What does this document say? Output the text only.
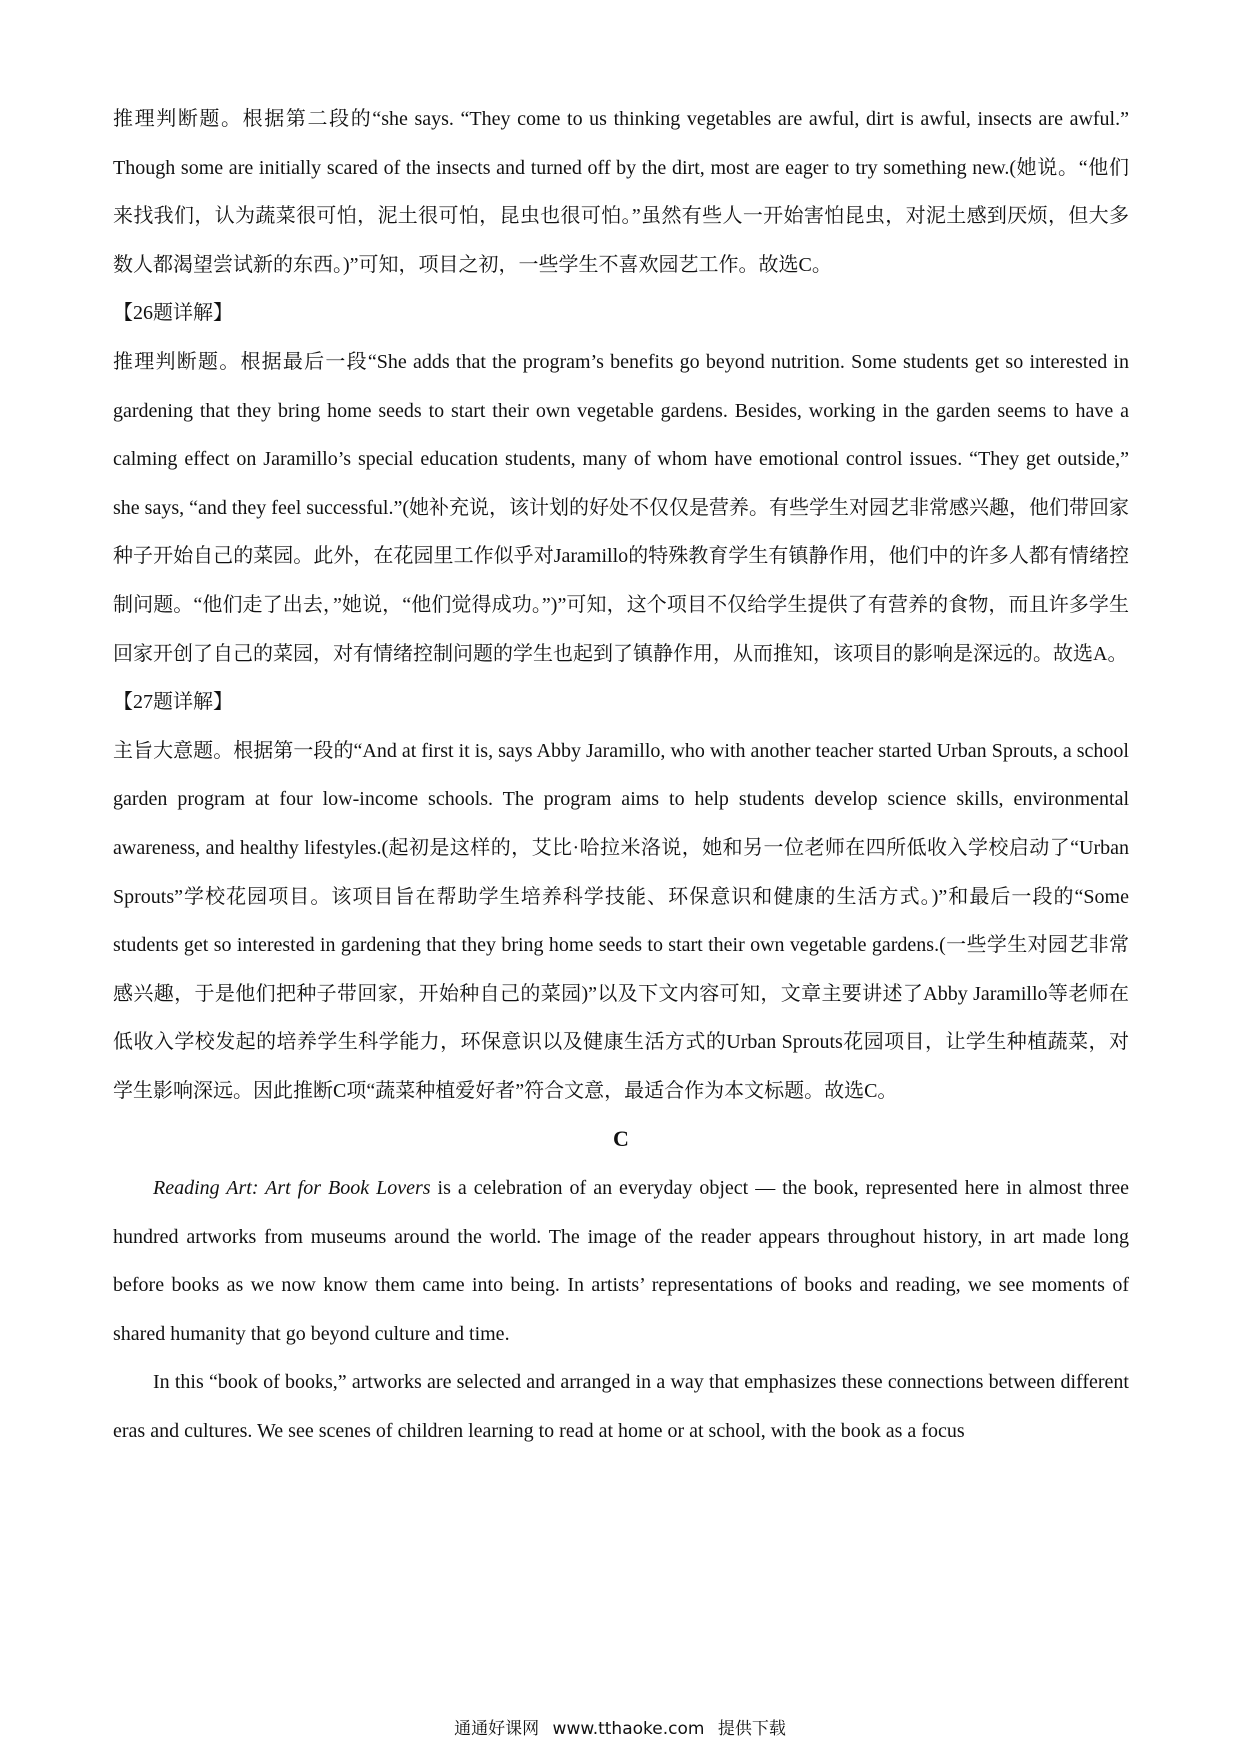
推理判断题。根据第二段的“she says. “They come to us thinking vegetables are awful, dirt is awful, insects are awful.” Though some are initially scared of the insects and turned off by the dirt, most are eager to try something new.(她说。“他们来找我们，认为蔬菜很可怕，泥土很可怕，昆虫也很可怕。”虽然有些人一开始害怕昆虫，对泥土感到厌烦，但大多数人都渴望尝试新的东西。)”可知，项目之初，一些学生不喜欢园艺工作。故选C。

【26题详解】

推理判断题。根据最后一段“She adds that the program’s benefits go beyond nutrition. Some students get so interested in gardening that they bring home seeds to start their own vegetable gardens. Besides, working in the garden seems to have a calming effect on Jaramillo’s special education students, many of whom have emotional control issues. “They get outside,” she says, “and they feel successful.”(她补充说，该计划的好处不仅仅是营养。有些学生对园艺非常感兴趣，他们带回家种子开始自己的菜园。此外，在花园里工作似乎对Jaramillo的特殊教育学生有镇静作用，他们中的许多人都有情绪控制问题。“他们走了出去，”她说，“他们觉得成功。”)”可知，这个项目不仅给学生提供了有营养的食物，而且许多学生回家开创了自己的菜园，对有情绪控制问题的学生也起到了镇静作用，从而推知，该项目的影响是深远的。故选A。

【27题详解】

主旨大意题。根据第一段的“And at first it is, says Abby Jaramillo, who with another teacher started Urban Sprouts, a school garden program at four low-income schools. The program aims to help students develop science skills, environmental awareness, and healthy lifestyles.(起初是这样的，艾比·哈拉米洛说，她和另一位老师在四所低收入学校启动了“Urban Sprouts”学校花园项目。该项目旨在帮助学生培养科学技能、环保意识和健康的生活方式。)”和最后一段的“Some students get so interested in gardening that they bring home seeds to start their own vegetable gardens.(一些学生对园艺非常感兴趣，于是他们把种子带回家，开始种自己的菜园)”以及下文内容可知，文章主要讲述了Abby Jaramillo等老师在低收入学校发起的培养学生科学能力，环保意识以及健康生活方式的Urban Sprouts花园项目，让学生种植蔬菜，对学生影响深远。因此推断C项“蔬菜种植爱好者”符合文意，最适合作为本文标题。故选C。

C

Reading Art: Art for Book Lovers is a celebration of an everyday object — the book, represented here in almost three hundred artworks from museums around the world. The image of the reader appears throughout history, in art made long before books as we now know them came into being. In artists’ representations of books and reading, we see moments of shared humanity that go beyond culture and time.

In this “book of books,” artworks are selected and arranged in a way that emphasizes these connections between different eras and cultures. We see scenes of children learning to read at home or at school, with the book as a focus

通通好课网 www.tthaoke.com 提供下载
